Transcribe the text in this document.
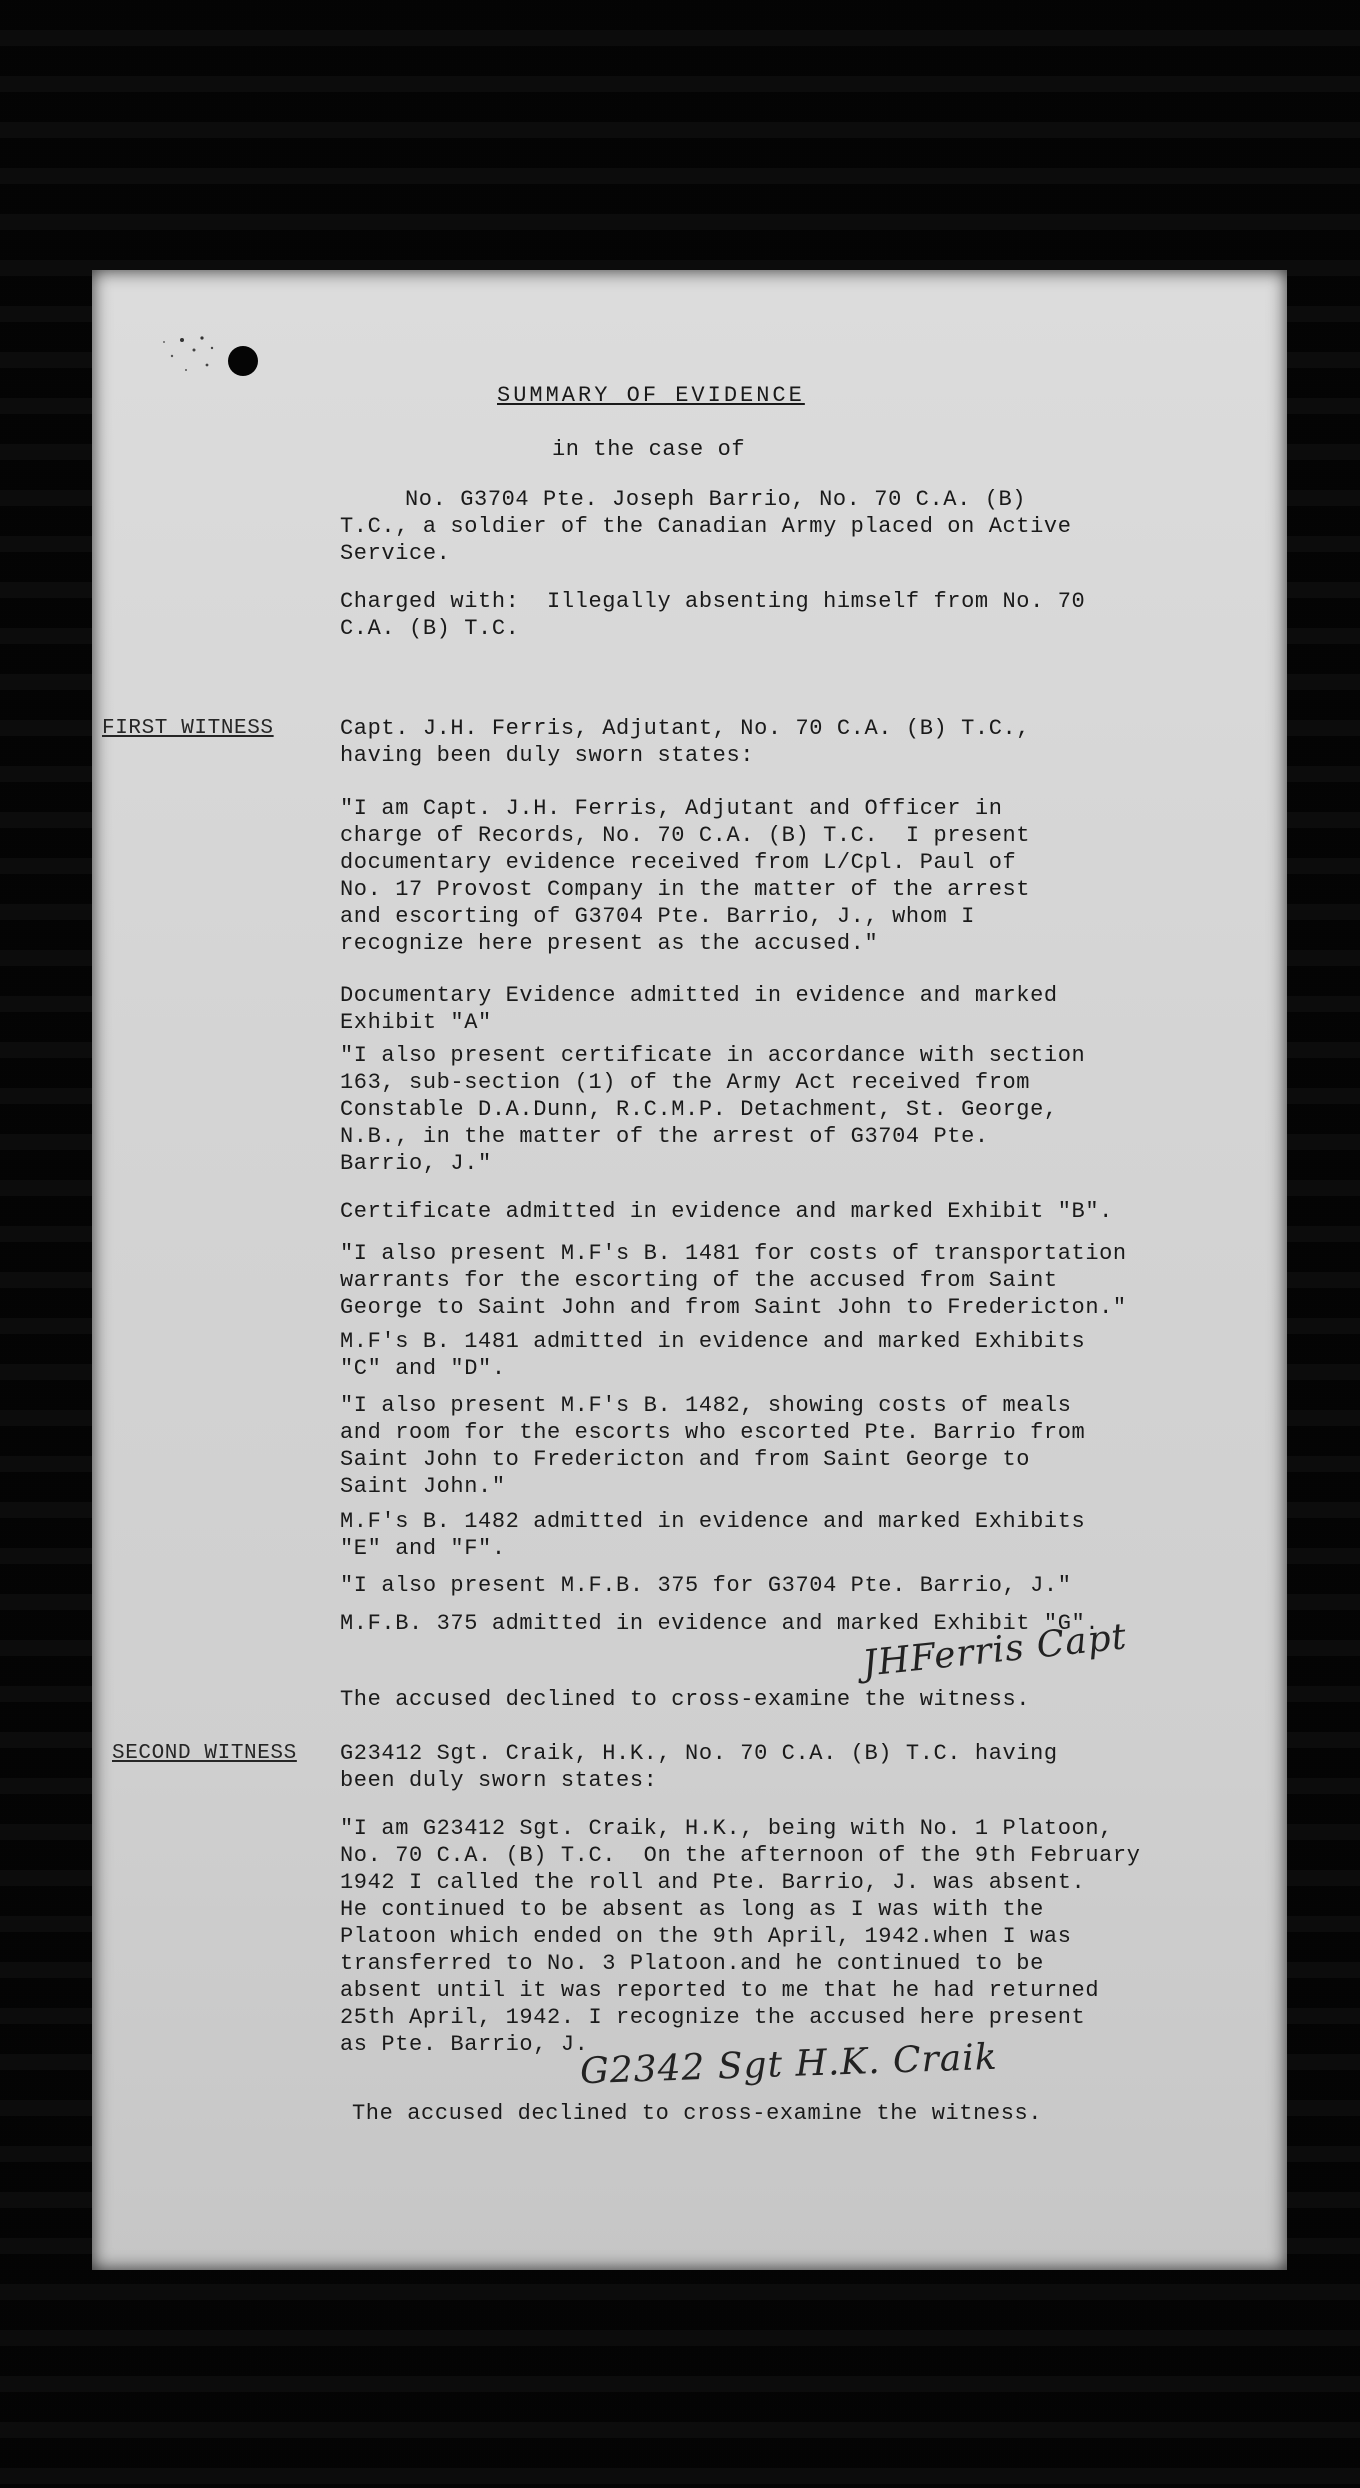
SUMMARY OF EVIDENCE
in the case of
No. G3704 Pte. Joseph Barrio, No. 70 C.A. (B)
T.C., a soldier of the Canadian Army placed on Active
Service.
Charged with:  Illegally absenting himself from No. 70
C.A. (B) T.C.
FIRST WITNESS	Capt. J.H. Ferris, Adjutant, No. 70 C.A. (B) T.C.,
having been duly sworn states:
"I am Capt. J.H. Ferris, Adjutant and Officer in
charge of Records, No. 70 C.A. (B) T.C.  I present
documentary evidence received from L/Cpl. Paul of
No. 17 Provost Company in the matter of the arrest
and escorting of G3704 Pte. Barrio, J., whom I
recognize here present as the accused."
Documentary Evidence admitted in evidence and marked
Exhibit "A"
"I also present certificate in accordance with section
163, sub-section (1) of the Army Act received from
Constable D.A.Dunn, R.C.M.P. Detachment, St. George,
N.B., in the matter of the arrest of G3704 Pte.
Barrio, J."
Certificate admitted in evidence and marked Exhibit "B".
"I also present M.F's B. 1481 for costs of transportation
warrants for the escorting of the accused from Saint
George to Saint John and from Saint John to Fredericton."
M.F's B. 1481 admitted in evidence and marked Exhibits
"C" and "D".
"I also present M.F's B. 1482, showing costs of meals
and room for the escorts who escorted Pte. Barrio from
Saint John to Fredericton and from Saint George to
Saint John."
M.F's B. 1482 admitted in evidence and marked Exhibits
"E" and "F".
"I also present M.F.B. 375 for G3704 Pte. Barrio, J."
M.F.B. 375 admitted in evidence and marked Exhibit "G".
JHFerris Capt
The accused declined to cross-examine the witness.
SECOND WITNESS G23412 Sgt. Craik, H.K., No. 70 C.A. (B) T.C. having
been duly sworn states:
"I am G23412 Sgt. Craik, H.K., being with No. 1 Platoon,
No. 70 C.A. (B) T.C.  On the afternoon of the 9th February
1942 I called the roll and Pte. Barrio, J. was absent.
He continued to be absent as long as I was with the
Platoon which ended on the 9th April, 1942.when I was
transferred to No. 3 Platoon.and he continued to be
absent until it was reported to me that he had returned
25th April, 1942. I recognize the accused here present
as Pte. Barrio, J.
G2342 Sgt H.K. Craik
The accused declined to cross-examine the witness.
